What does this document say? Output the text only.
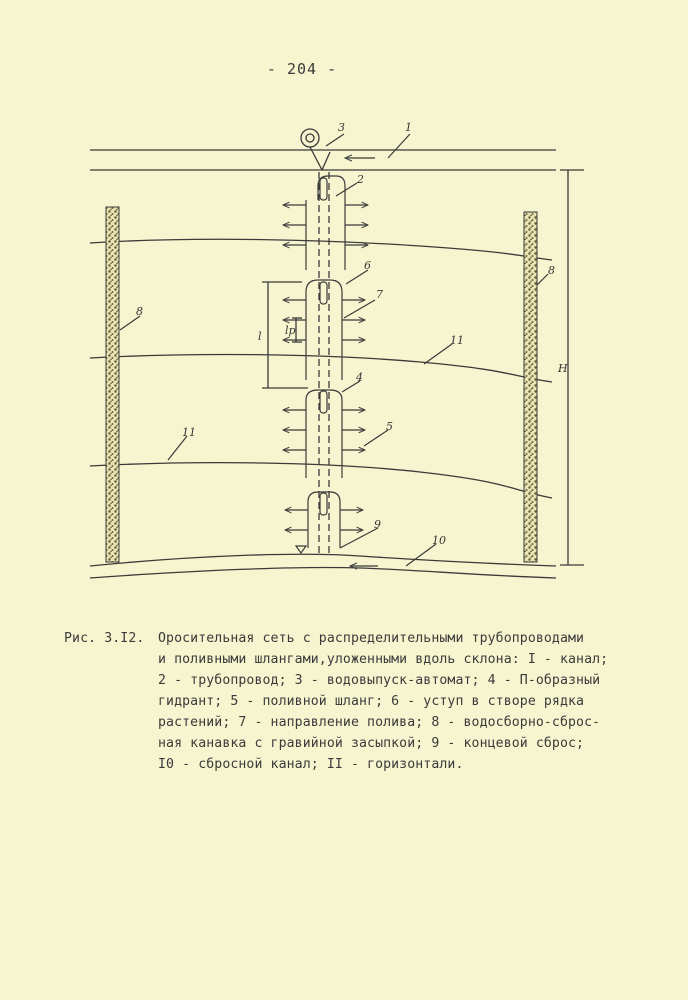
- 204 -
1
3
2
6
7
8
8
11
4
5
11
9
10
l lp
H
Рис. 3.I2. Оросительная сеть с распределительными трубопроводами
и поливными шлангами,уложенными вдоль склона: I - канал;
2 - трубопровод; 3 - водовыпуск-автомат; 4 - П-образный
гидрант; 5 - поливной шланг; 6 - уступ в створе рядка
растений; 7 - направление полива; 8 - водосборно-сброс-
ная канавка с гравийной засыпкой; 9 - концевой сброс;
I0 - сбросной канал; II - горизонтали.
